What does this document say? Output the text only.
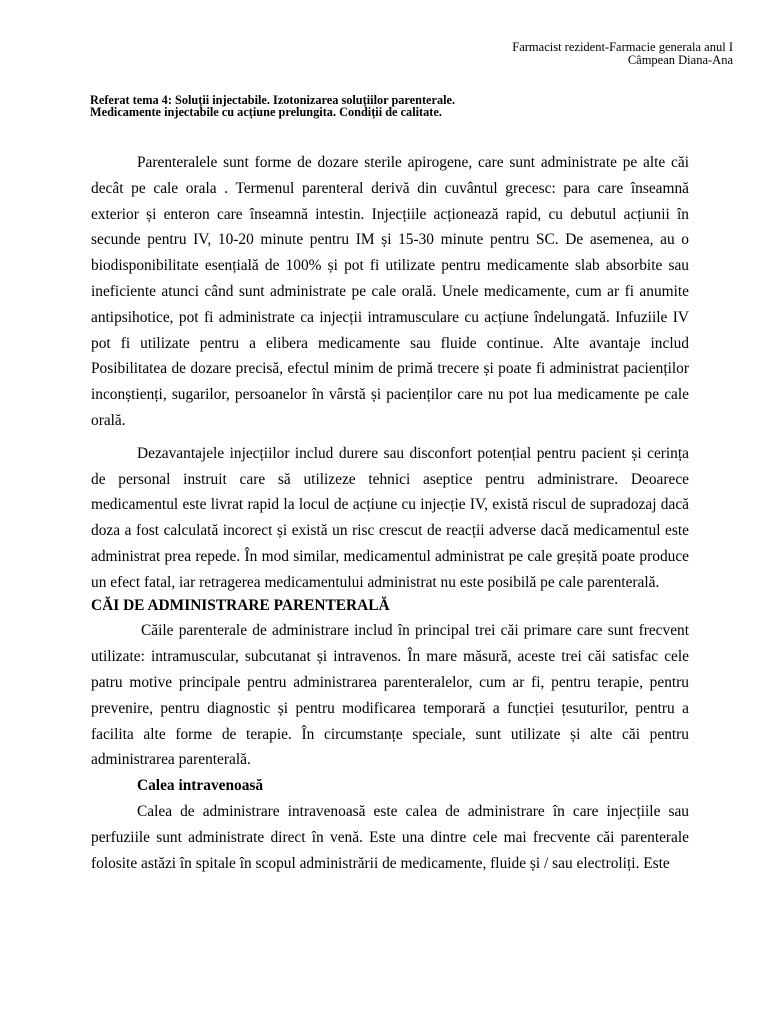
Farmacist rezident-Farmacie generala anul I
Câmpean Diana-Ana
Referat tema 4: Soluții injectabile. Izotonizarea soluțiilor parenterale.
Medicamente injectabile cu acțiune prelungita. Condiții de calitate.

Parenteralele sunt forme de dozare sterile apirogene, care sunt administrate pe alte căi decât pe cale orala . Termenul parenteral derivă din cuvântul grecesc: para care înseamnă exterior și enteron care înseamnă intestin. Injecțiile acționează rapid, cu debutul acțiunii în secunde pentru IV, 10-20 minute pentru IM și 15-30 minute pentru SC. De asemenea, au o biodisponibilitate esențială de 100% și pot fi utilizate pentru medicamente slab absorbite sau ineficiente atunci când sunt administrate pe cale orală. Unele medicamente, cum ar fi anumite antipsihotice, pot fi administrate ca injecții intramusculare cu acțiune îndelungată. Infuziile IV pot fi utilizate pentru a elibera medicamente sau fluide continue. Alte avantaje includ Posibilitatea de dozare precisă, efectul minim de primă trecere și poate fi administrat pacienților inconștienți, sugarilor, persoanelor în vârstă și pacienților care nu pot lua medicamente pe cale orală.

Dezavantajele injecțiilor includ durere sau disconfort potențial pentru pacient și cerința de personal instruit care să utilizeze tehnici aseptice pentru administrare. Deoarece medicamentul este livrat rapid la locul de acțiune cu injecție IV, există riscul de supradozaj dacă doza a fost calculată incorect și există un risc crescut de reacții adverse dacă medicamentul este administrat prea repede. În mod similar, medicamentul administrat pe cale greșită poate produce un efect fatal, iar retragerea medicamentului administrat nu este posibilă pe cale parenterală.

CĂI DE ADMINISTRARE PARENTERALĂ

Căile parenterale de administrare includ în principal trei căi primare care sunt frecvent utilizate: intramuscular, subcutanat și intravenos. În mare măsură, aceste trei căi satisfac cele patru motive principale pentru administrarea parenteralelor, cum ar fi, pentru terapie, pentru prevenire, pentru diagnostic și pentru modificarea temporară a funcției țesuturilor, pentru a facilita alte forme de terapie. În circumstanțe speciale, sunt utilizate și alte căi pentru administrarea parenterală.

Calea intravenoasă

Calea de administrare intravenoasă este calea de administrare în care injecțiile sau perfuziile sunt administrate direct în venă. Este una dintre cele mai frecvente căi parenterale folosite astăzi în spitale în scopul administrării de medicamente, fluide și / sau electroliți. Este
